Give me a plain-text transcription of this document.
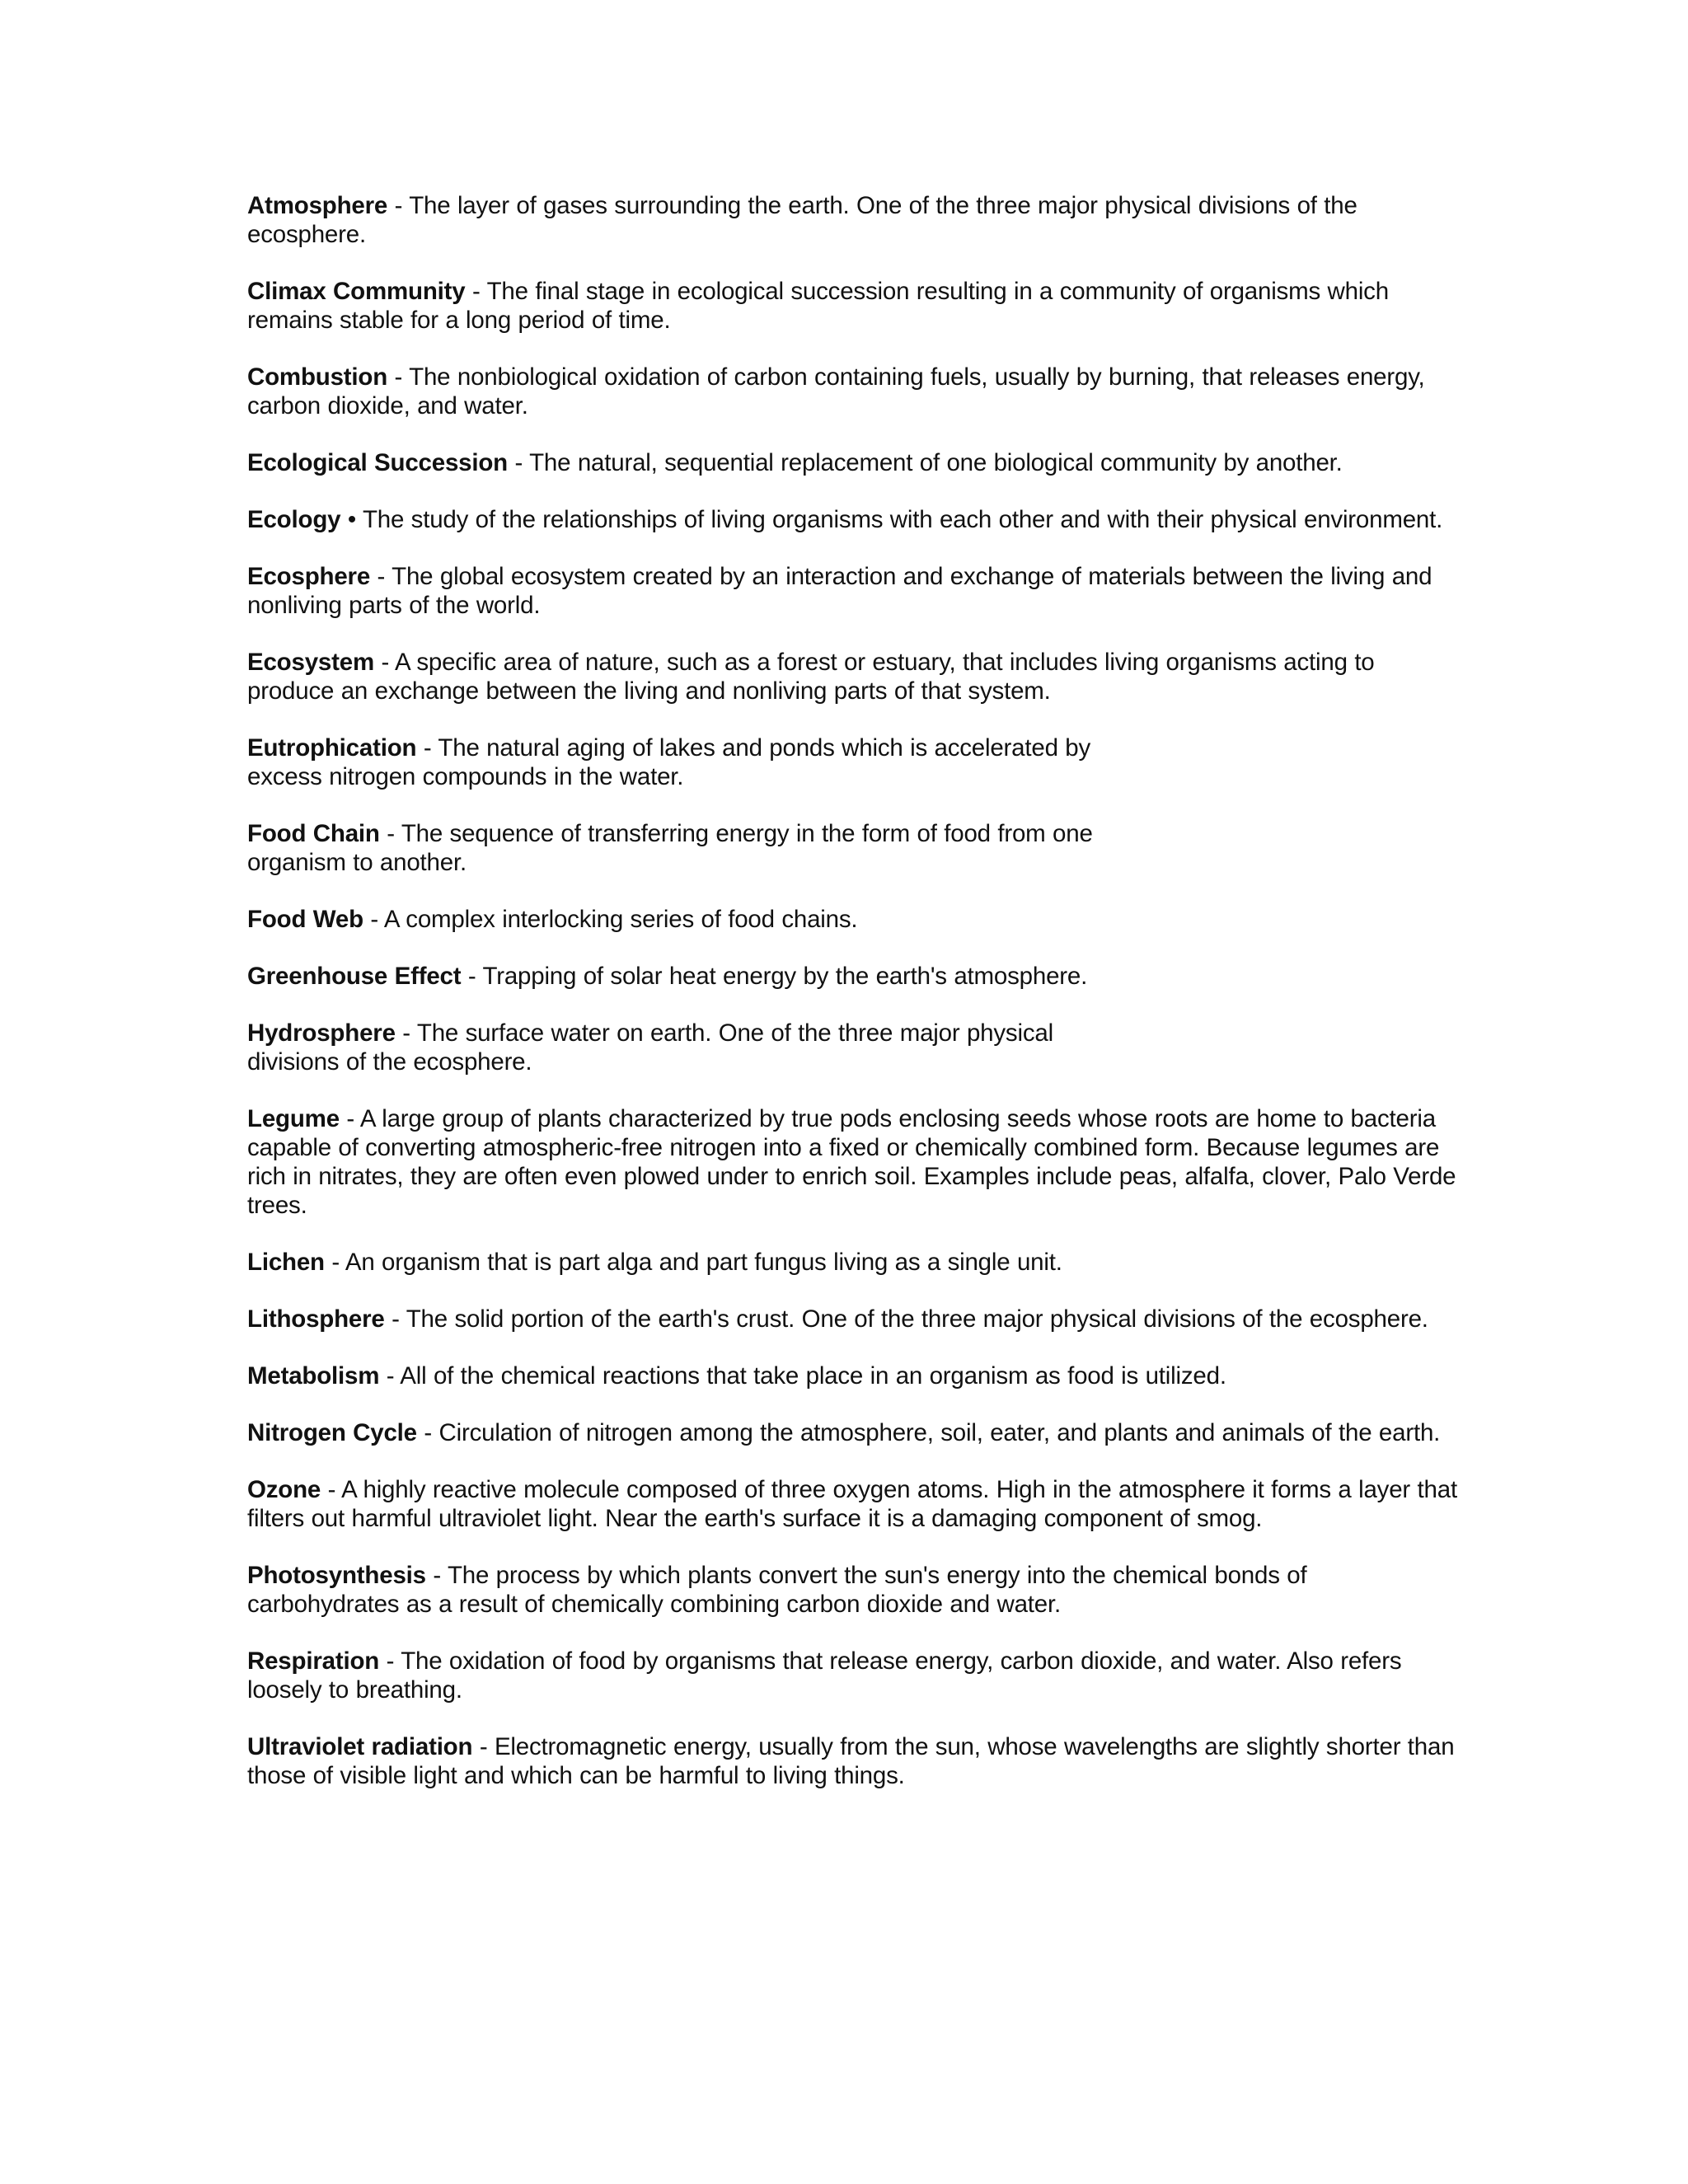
Atmosphere - The layer of gases surrounding the earth. One of the three major physical divisions of the ecosphere.
Climax Community - The final stage in ecological succession resulting in a community of organisms which remains stable for a long period of time.
Combustion - The nonbiological oxidation of carbon containing fuels, usually by burning, that releases energy, carbon dioxide, and water.
Ecological Succession - The natural, sequential replacement of one biological community by another.
Ecology • The study of the relationships of living organisms with each other and with their physical environment.
Ecosphere - The global ecosystem created by an interaction and exchange of materials between the living and nonliving parts of the world.
Ecosystem - A specific area of nature, such as a forest or estuary, that includes living organisms acting to produce an exchange between the living and nonliving parts of that system.
Eutrophication - The natural aging of lakes and ponds which is accelerated by excess nitrogen compounds in the water.
Food Chain - The sequence of transferring energy in the form of food from one organism to another.
Food Web - A complex interlocking series of food chains.
Greenhouse Effect - Trapping of solar heat energy by the earth's atmosphere.
Hydrosphere - The surface water on earth. One of the three major physical divisions of the ecosphere.
Legume - A large group of plants characterized by true pods enclosing seeds whose roots are home to bacteria capable of converting atmospheric-free nitrogen into a fixed or chemically combined form. Because legumes are rich in nitrates, they are often even plowed under to enrich soil. Examples include peas, alfalfa, clover, Palo Verde trees.
Lichen - An organism that is part alga and part fungus living as a single unit.
Lithosphere - The solid portion of the earth's crust. One of the three major physical divisions of the ecosphere.
Metabolism - All of the chemical reactions that take place in an organism as food is utilized.
Nitrogen Cycle - Circulation of nitrogen among the atmosphere, soil, eater, and plants and animals of the earth.
Ozone - A highly reactive molecule composed of three oxygen atoms. High in the atmosphere it forms a layer that filters out harmful ultraviolet light. Near the earth's surface it is a damaging component of smog.
Photosynthesis - The process by which plants convert the sun's energy into the chemical bonds of carbohydrates as a result of chemically combining carbon dioxide and water.
Respiration - The oxidation of food by organisms that release energy, carbon dioxide, and water. Also refers loosely to breathing.
Ultraviolet radiation - Electromagnetic energy, usually from the sun, whose wavelengths are slightly shorter than those of visible light and which can be harmful to living things.
